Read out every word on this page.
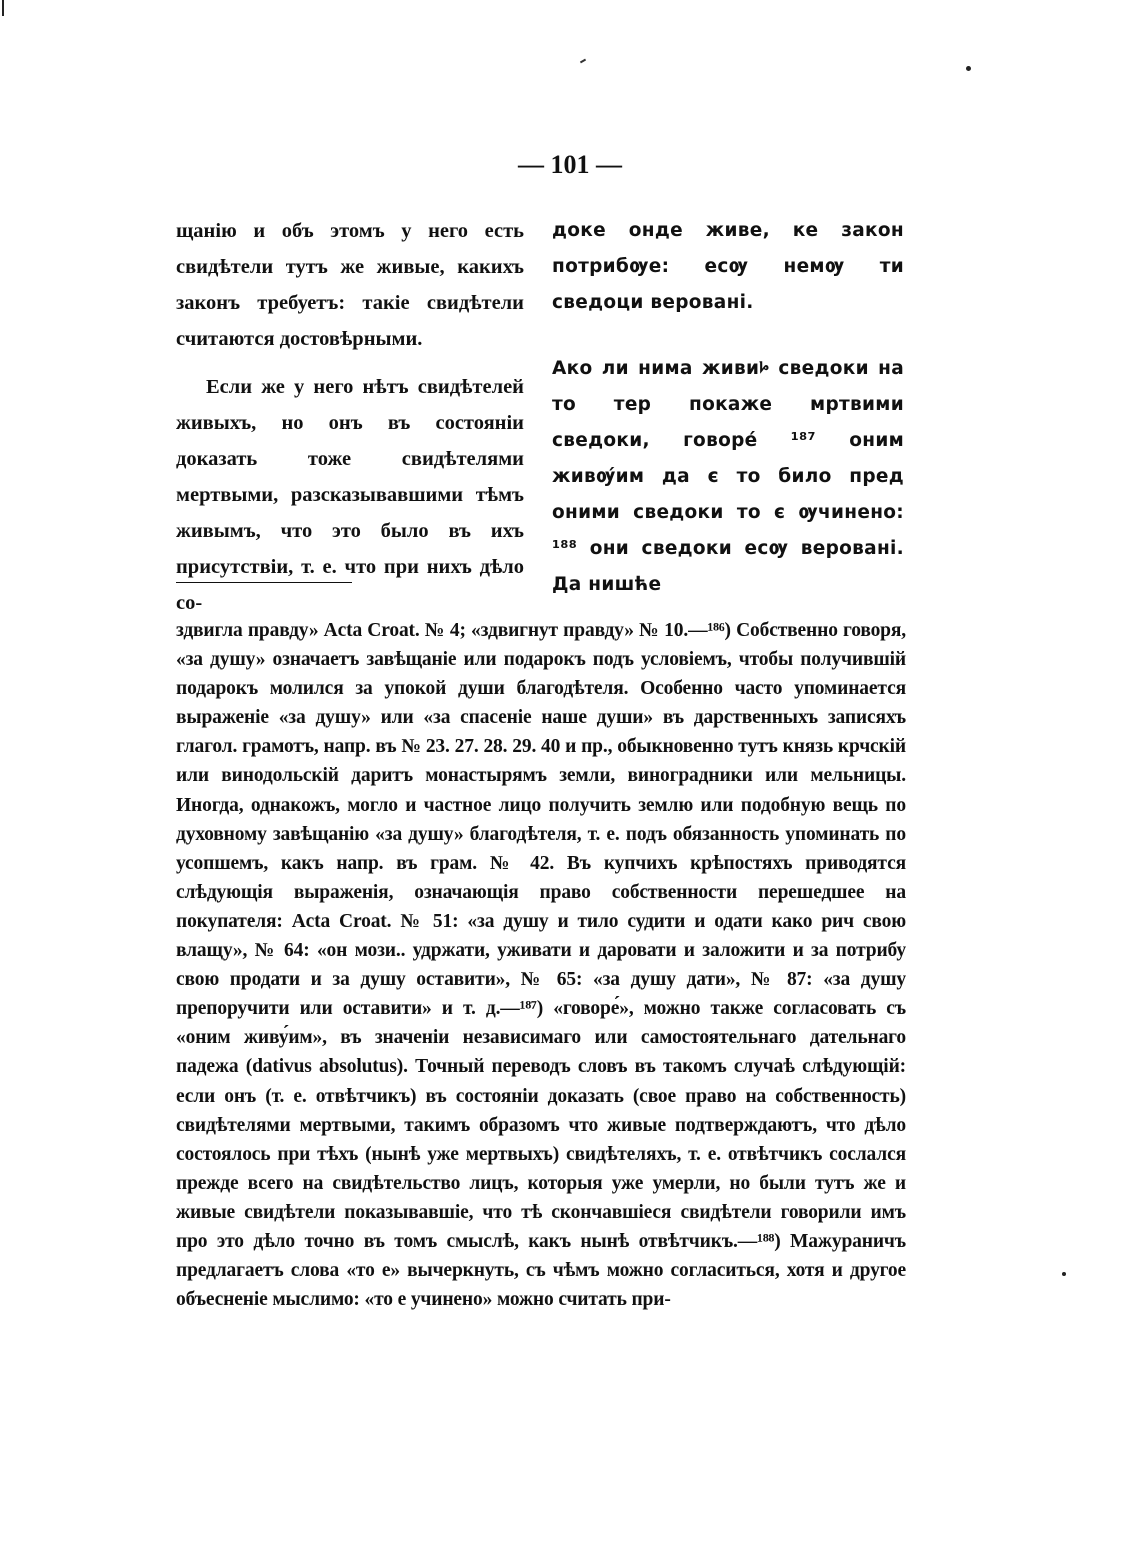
— 101 —

щанію и объ этомъ у него есть свидѣтели тутъ же живые, какихъ законъ требуетъ: такіе свидѣтели считаются достовѣрными.

Если же у него нѣтъ свидѣтелей живыхъ, но онъ въ состояніи доказать тоже свидѣтелями мертвыми, разсказывавшими тѣмъ живымъ, что это было въ ихъ присутствіи, т. е. что при нихъ дѣло со-

доке онде живе, ке закон потрибѹе: есѹ немѹ ти сведоци верованi.

Ако ли нима живиⱈ сведоки на то тер покаже мртвими сведоки, говоре́ ¹⁸⁷ оним живѹ́им да є то било пред оними сведоки то є ѹчинено: ¹⁸⁸ они сведоки есѹ верованi. Да нишће

здвигла правду» Acta Croat. № 4; «здвигнут правду» № 10.—¹⁸⁶) Собственно говоря, «за душу» означаетъ завѣщаніе или подарокъ подъ условіемъ, чтобы получившій подарокъ молился за упокой души благодѣтеля. Особенно часто упоминается выраженіе «за душу» или «за спасеніе наше души» въ дарственныхъ записяхъ глагол. грамотъ, напр. въ № 23. 27. 28. 29. 40 и пр., обыкновенно тутъ князь крчскій или винодольскій даритъ монастырямъ земли, виноградники или мельницы. Иногда, однакожъ, могло и частное лицо получить землю или подобную вещь по духовному завѣщанію «за душу» благодѣтеля, т. е. подъ обязанность упоминать по усопшемъ, какъ напр. въ грам. № 42. Въ купчихъ крѣпостяхъ приводятся слѣдующія выраженія, означающія право собственности перешедшее на покупателя: Acta Croat. № 51: «за душу и тило судити и одати како рич свою влащу», № 64: «он мози.. удржати, уживати и даровати и заложити и за потрибу свою продати и за душу оставити», № 65: «за душу дати», № 87: «за душу препоручити или оставити» и т. д.—¹⁸⁷) «говоре́», можно также согласовать съ «оним живу́им», въ значеніи независимаго или самостоятельнаго дательнаго падежа (dativus absolutus). Точный переводъ словъ въ такомъ случаѣ слѣдующій: если онъ (т. е. отвѣтчикъ) въ состояніи доказать (свое право на собственность) свидѣтелями мертвыми, такимъ образомъ что живые подтверждаютъ, что дѣло состоялось при тѣхъ (нынѣ уже мертвыхъ) свидѣтеляхъ, т. е. отвѣтчикъ сослался прежде всего на свидѣтельство лицъ, которыя уже умерли, но были тутъ же и живые свидѣтели показывавшіе, что тѣ скончавшіеся свидѣтели говорили имъ про это дѣло точно въ томъ смыслѣ, какъ нынѣ отвѣтчикъ.—¹⁸⁸) Мажураничъ предлагаетъ слова «то е» вычеркнуть, съ чѣмъ можно согласиться, хотя и другое объесненіе мыслимо: «то е учинено» можно считать при-
